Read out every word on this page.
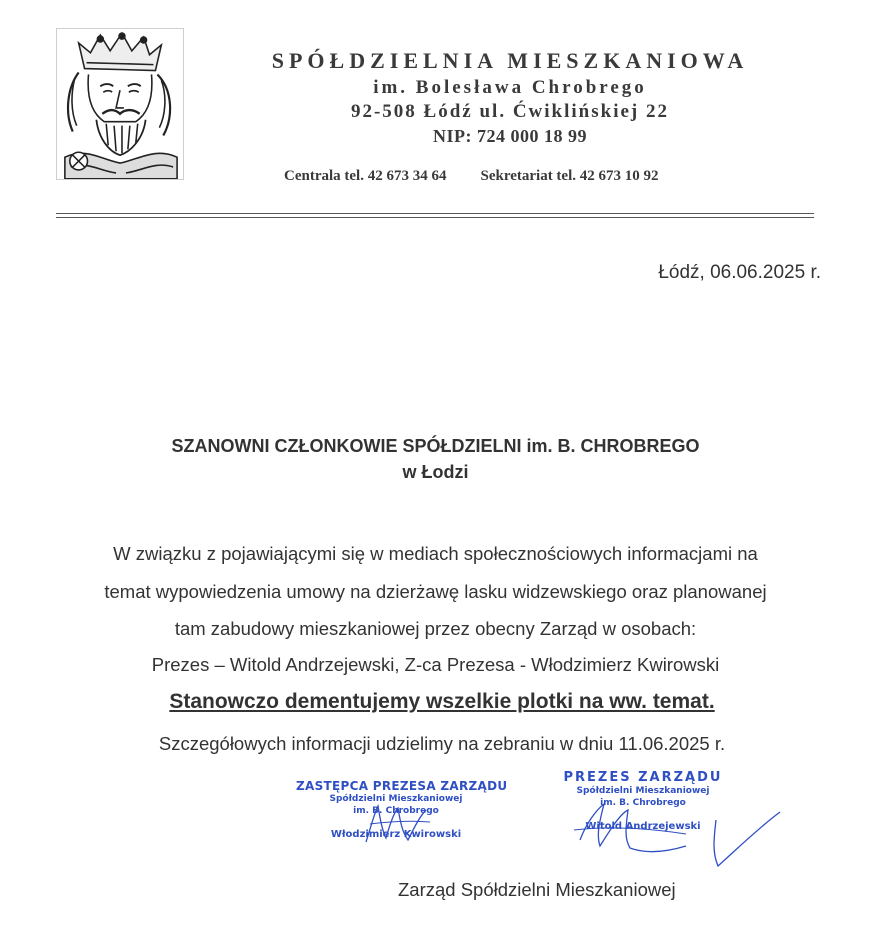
SPÓŁDZIELNIA MIESZKANIOWA
im. Bolesława Chrobrego
92-508 Łódź ul. Ćwiklińskiej 22
NIP: 724 000 18 99
Centrala tel. 42 673 34 64 Sekretariat tel. 42 673 10 92
Łódź, 06.06.2025 r.
SZANOWNI CZŁONKOWIE SPÓŁDZIELNI im. B. CHROBREGO
w Łodzi
W związku z pojawiającymi się w mediach społecznościowych informacjami na
temat wypowiedzenia umowy na dzierżawę lasku widzewskiego oraz planowanej
tam zabudowy mieszkaniowej przez obecny Zarząd w osobach:
Prezes – Witold Andrzejewski, Z-ca Prezesa - Włodzimierz Kwirowski
Stanowczo dementujemy wszelkie plotki na ww. temat.
Szczegółowych informacji udzielimy na zebraniu w dniu 11.06.2025 r.
ZASTĘPCA PREZESA ZARZĄDU
Spółdzielni Mieszkaniowej
im. B. Chrobrego
Włodzimierz Kwirowski
PREZES ZARZĄDU
Spółdzielni Mieszkaniowej
im. B. Chrobrego
Witold Andrzejewski
Zarząd Spółdzielni Mieszkaniowej
